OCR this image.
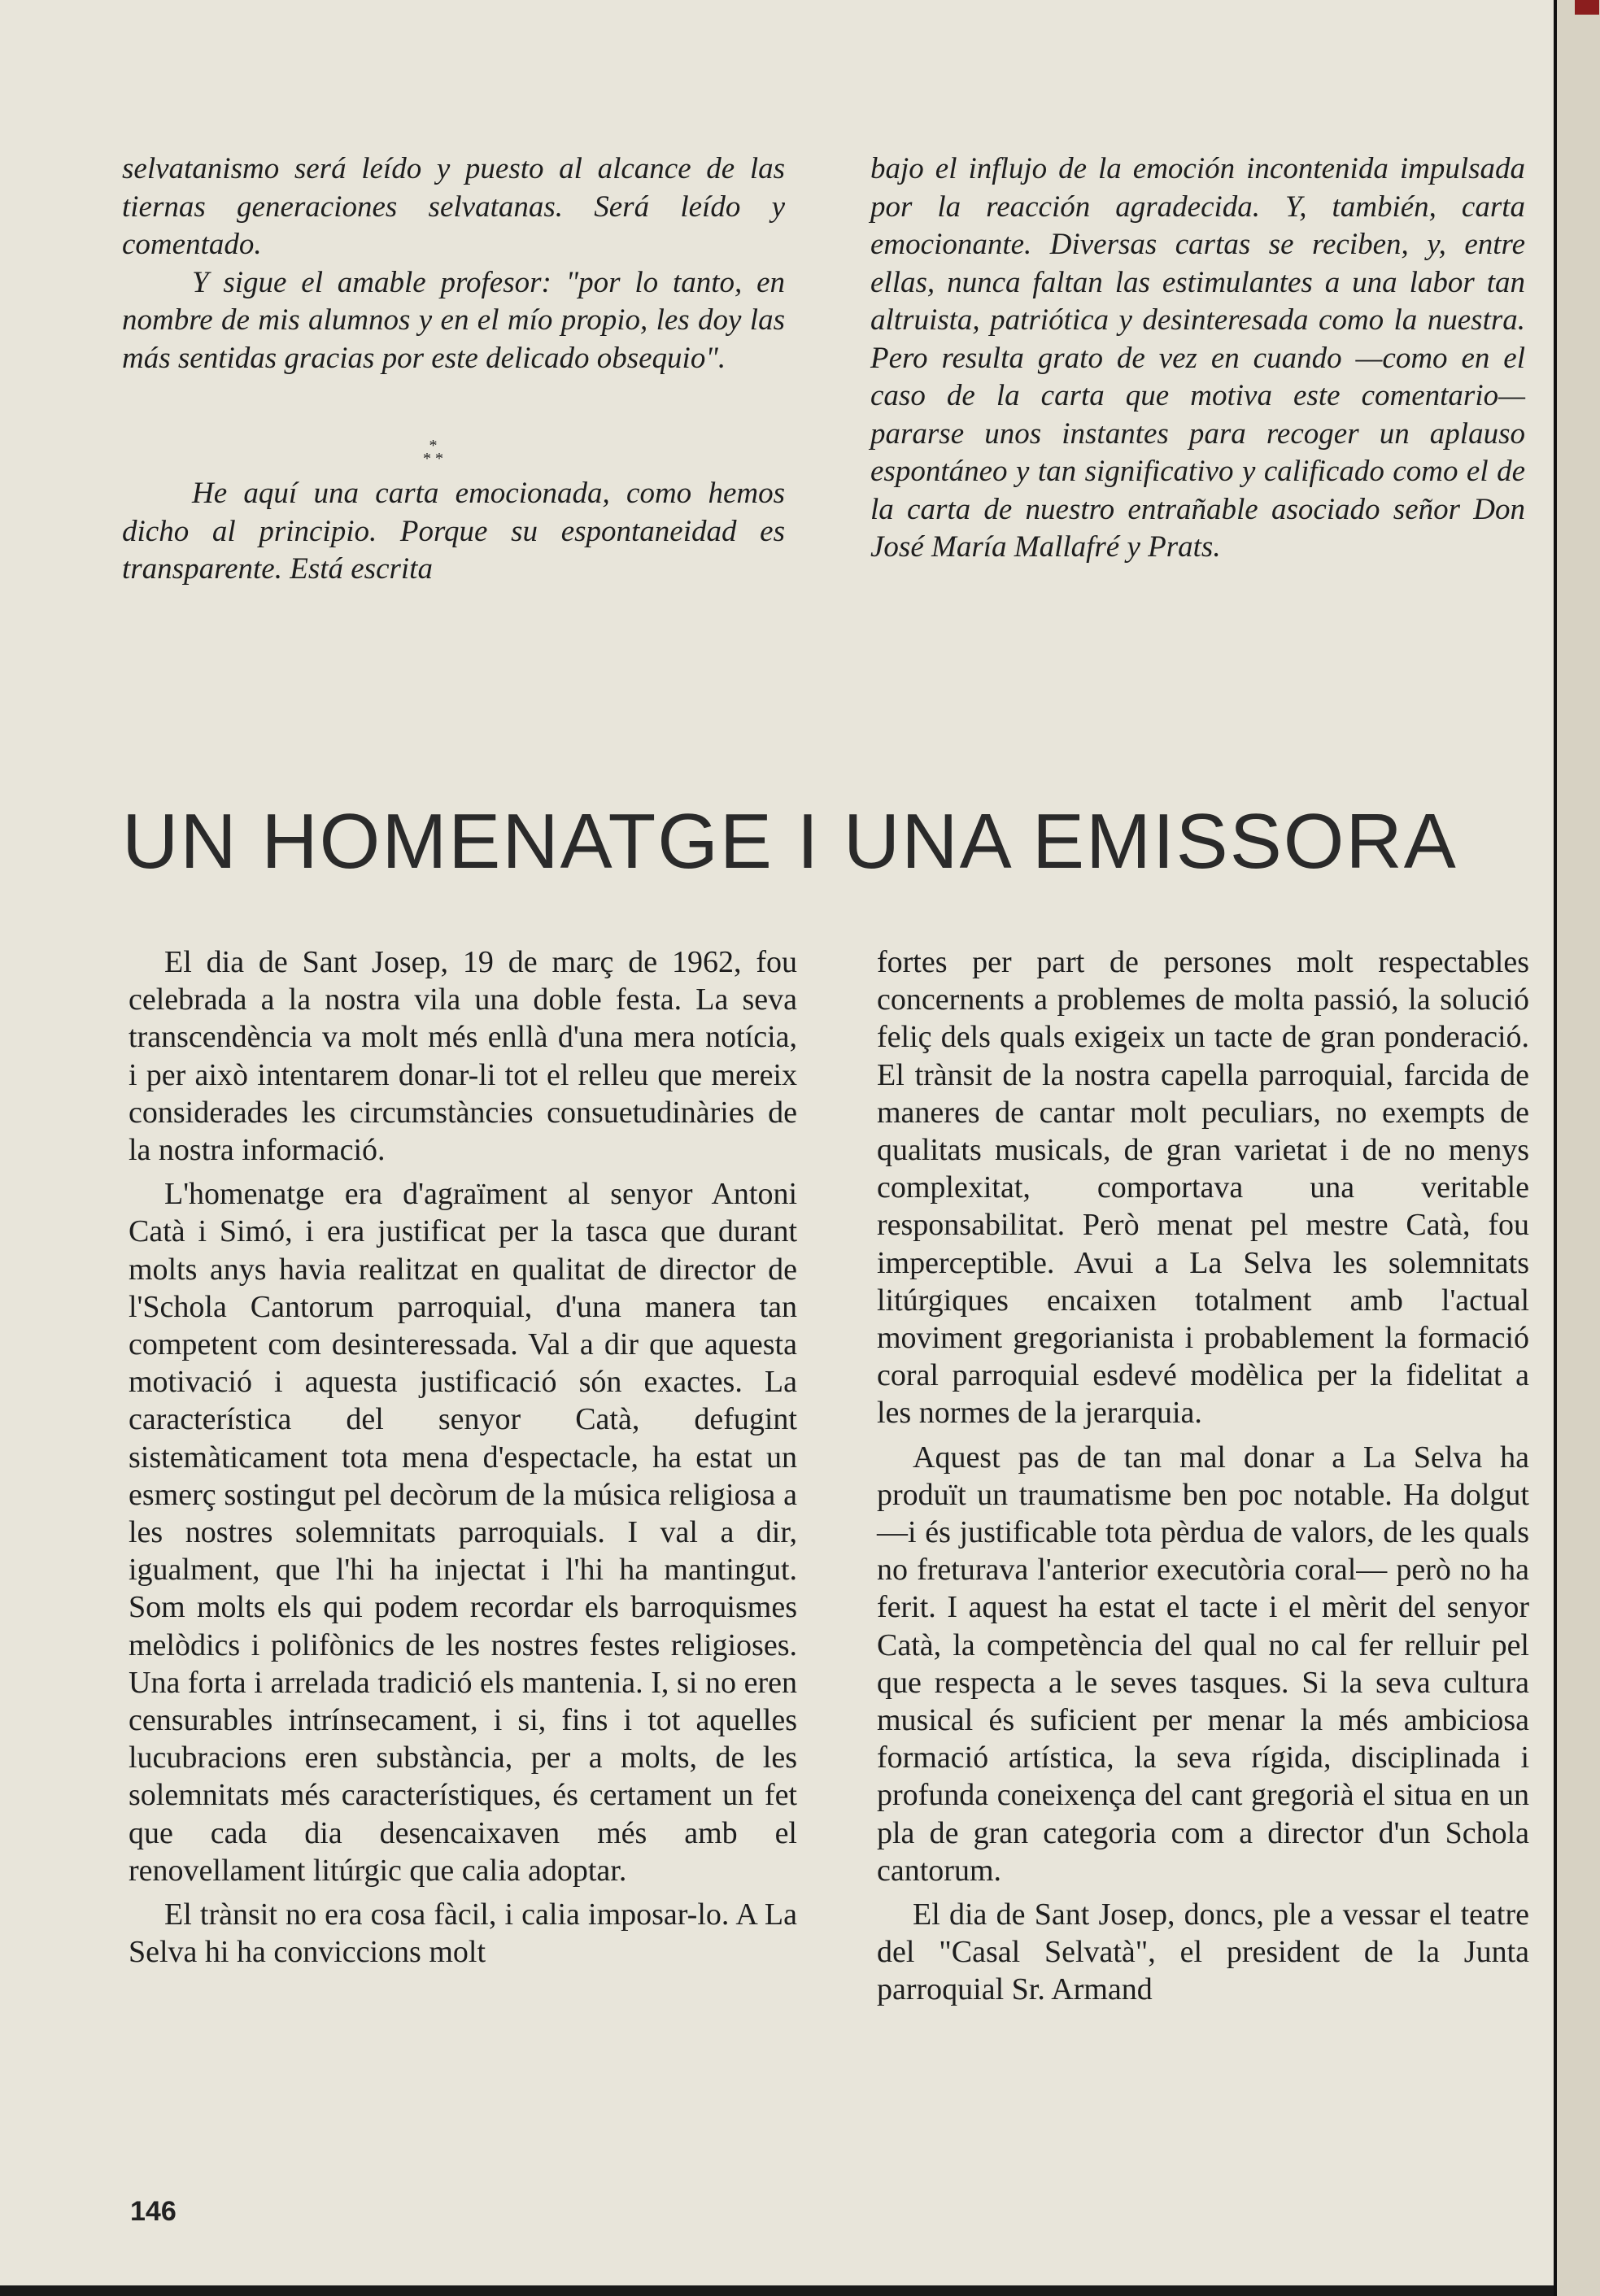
selvatanismo será leído y puesto al alcance de las tiernas generaciones selvatanas. Será leído y comentado.

Y sigue el amable profesor: "por lo tanto, en nombre de mis alumnos y en el mío propio, les doy las más sentidas gracias por este delicado obsequio".

He aquí una carta emocionada, como hemos dicho al principio. Porque su espontaneidad es transparente. Está escrita

*
* *

bajo el influjo de la emoción incontenida impulsada por la reacción agradecida. Y, también, carta emocionante. Diversas cartas se reciben, y, entre ellas, nunca faltan las estimulantes a una labor tan altruista, patriótica y desinteresada como la nuestra. Pero resulta grato de vez en cuando —como en el caso de la carta que motiva este comentario— pararse unos instantes para recoger un aplauso espontáneo y tan significativo y calificado como el de la carta de nuestro entrañable asociado señor Don José María Mallafré y Prats.

UN HOMENATGE I UNA EMISSORA

El dia de Sant Josep, 19 de març de 1962, fou celebrada a la nostra vila una doble festa. La seva transcendència va molt més enllà d'una mera notícia, i per això intentarem donar-li tot el relleu que mereix considerades les circumstàncies consuetudinàries de la nostra informació.

L'homenatge era d'agraïment al senyor Antoni Catà i Simó, i era justificat per la tasca que durant molts anys havia realitzat en qualitat de director de l'Schola Cantorum parroquial, d'una manera tan competent com desinteressada. Val a dir que aquesta motivació i aquesta justificació són exactes. La característica del senyor Catà, defugint sistemàticament tota mena d'espectacle, ha estat un esmerç sostingut pel decòrum de la música religiosa a les nostres solemnitats parroquials. I val a dir, igualment, que l'hi ha injectat i l'hi ha mantingut. Som molts els qui podem recordar els barroquismes melòdics i polifònics de les nostres festes religioses. Una forta i arrelada tradició els mantenia. I, si no eren censurables intrínsecament, i si, fins i tot aquelles lucubracions eren substància, per a molts, de les solemnitats més característiques, és certament un fet que cada dia desencaixaven més amb el renovellament litúrgic que calia adoptar.

El trànsit no era cosa fàcil, i calia imposar-lo. A La Selva hi ha conviccions molt

fortes per part de persones molt respectables concernents a problemes de molta passió, la solució feliç dels quals exigeix un tacte de gran ponderació. El trànsit de la nostra capella parroquial, farcida de maneres de cantar molt peculiars, no exempts de qualitats musicals, de gran varietat i de no menys complexitat, comportava una veritable responsabilitat. Però menat pel mestre Catà, fou imperceptible. Avui a La Selva les solemnitats litúrgiques encaixen totalment amb l'actual moviment gregorianista i probablement la formació coral parroquial esdevé modèlica per la fidelitat a les normes de la jerarquia.

Aquest pas de tan mal donar a La Selva ha produït un traumatisme ben poc notable. Ha dolgut —i és justificable tota pèrdua de valors, de les quals no freturava l'anterior executòria coral— però no ha ferit. I aquest ha estat el tacte i el mèrit del senyor Catà, la competència del qual no cal fer relluir pel que respecta a le seves tasques. Si la seva cultura musical és suficient per menar la més ambiciosa formació artística, la seva rígida, disciplinada i profunda coneixença del cant gregorià el situa en un pla de gran categoria com a director d'un Schola cantorum.

El dia de Sant Josep, doncs, ple a vessar el teatre del "Casal Selvatà", el president de la Junta parroquial Sr. Armand

146
